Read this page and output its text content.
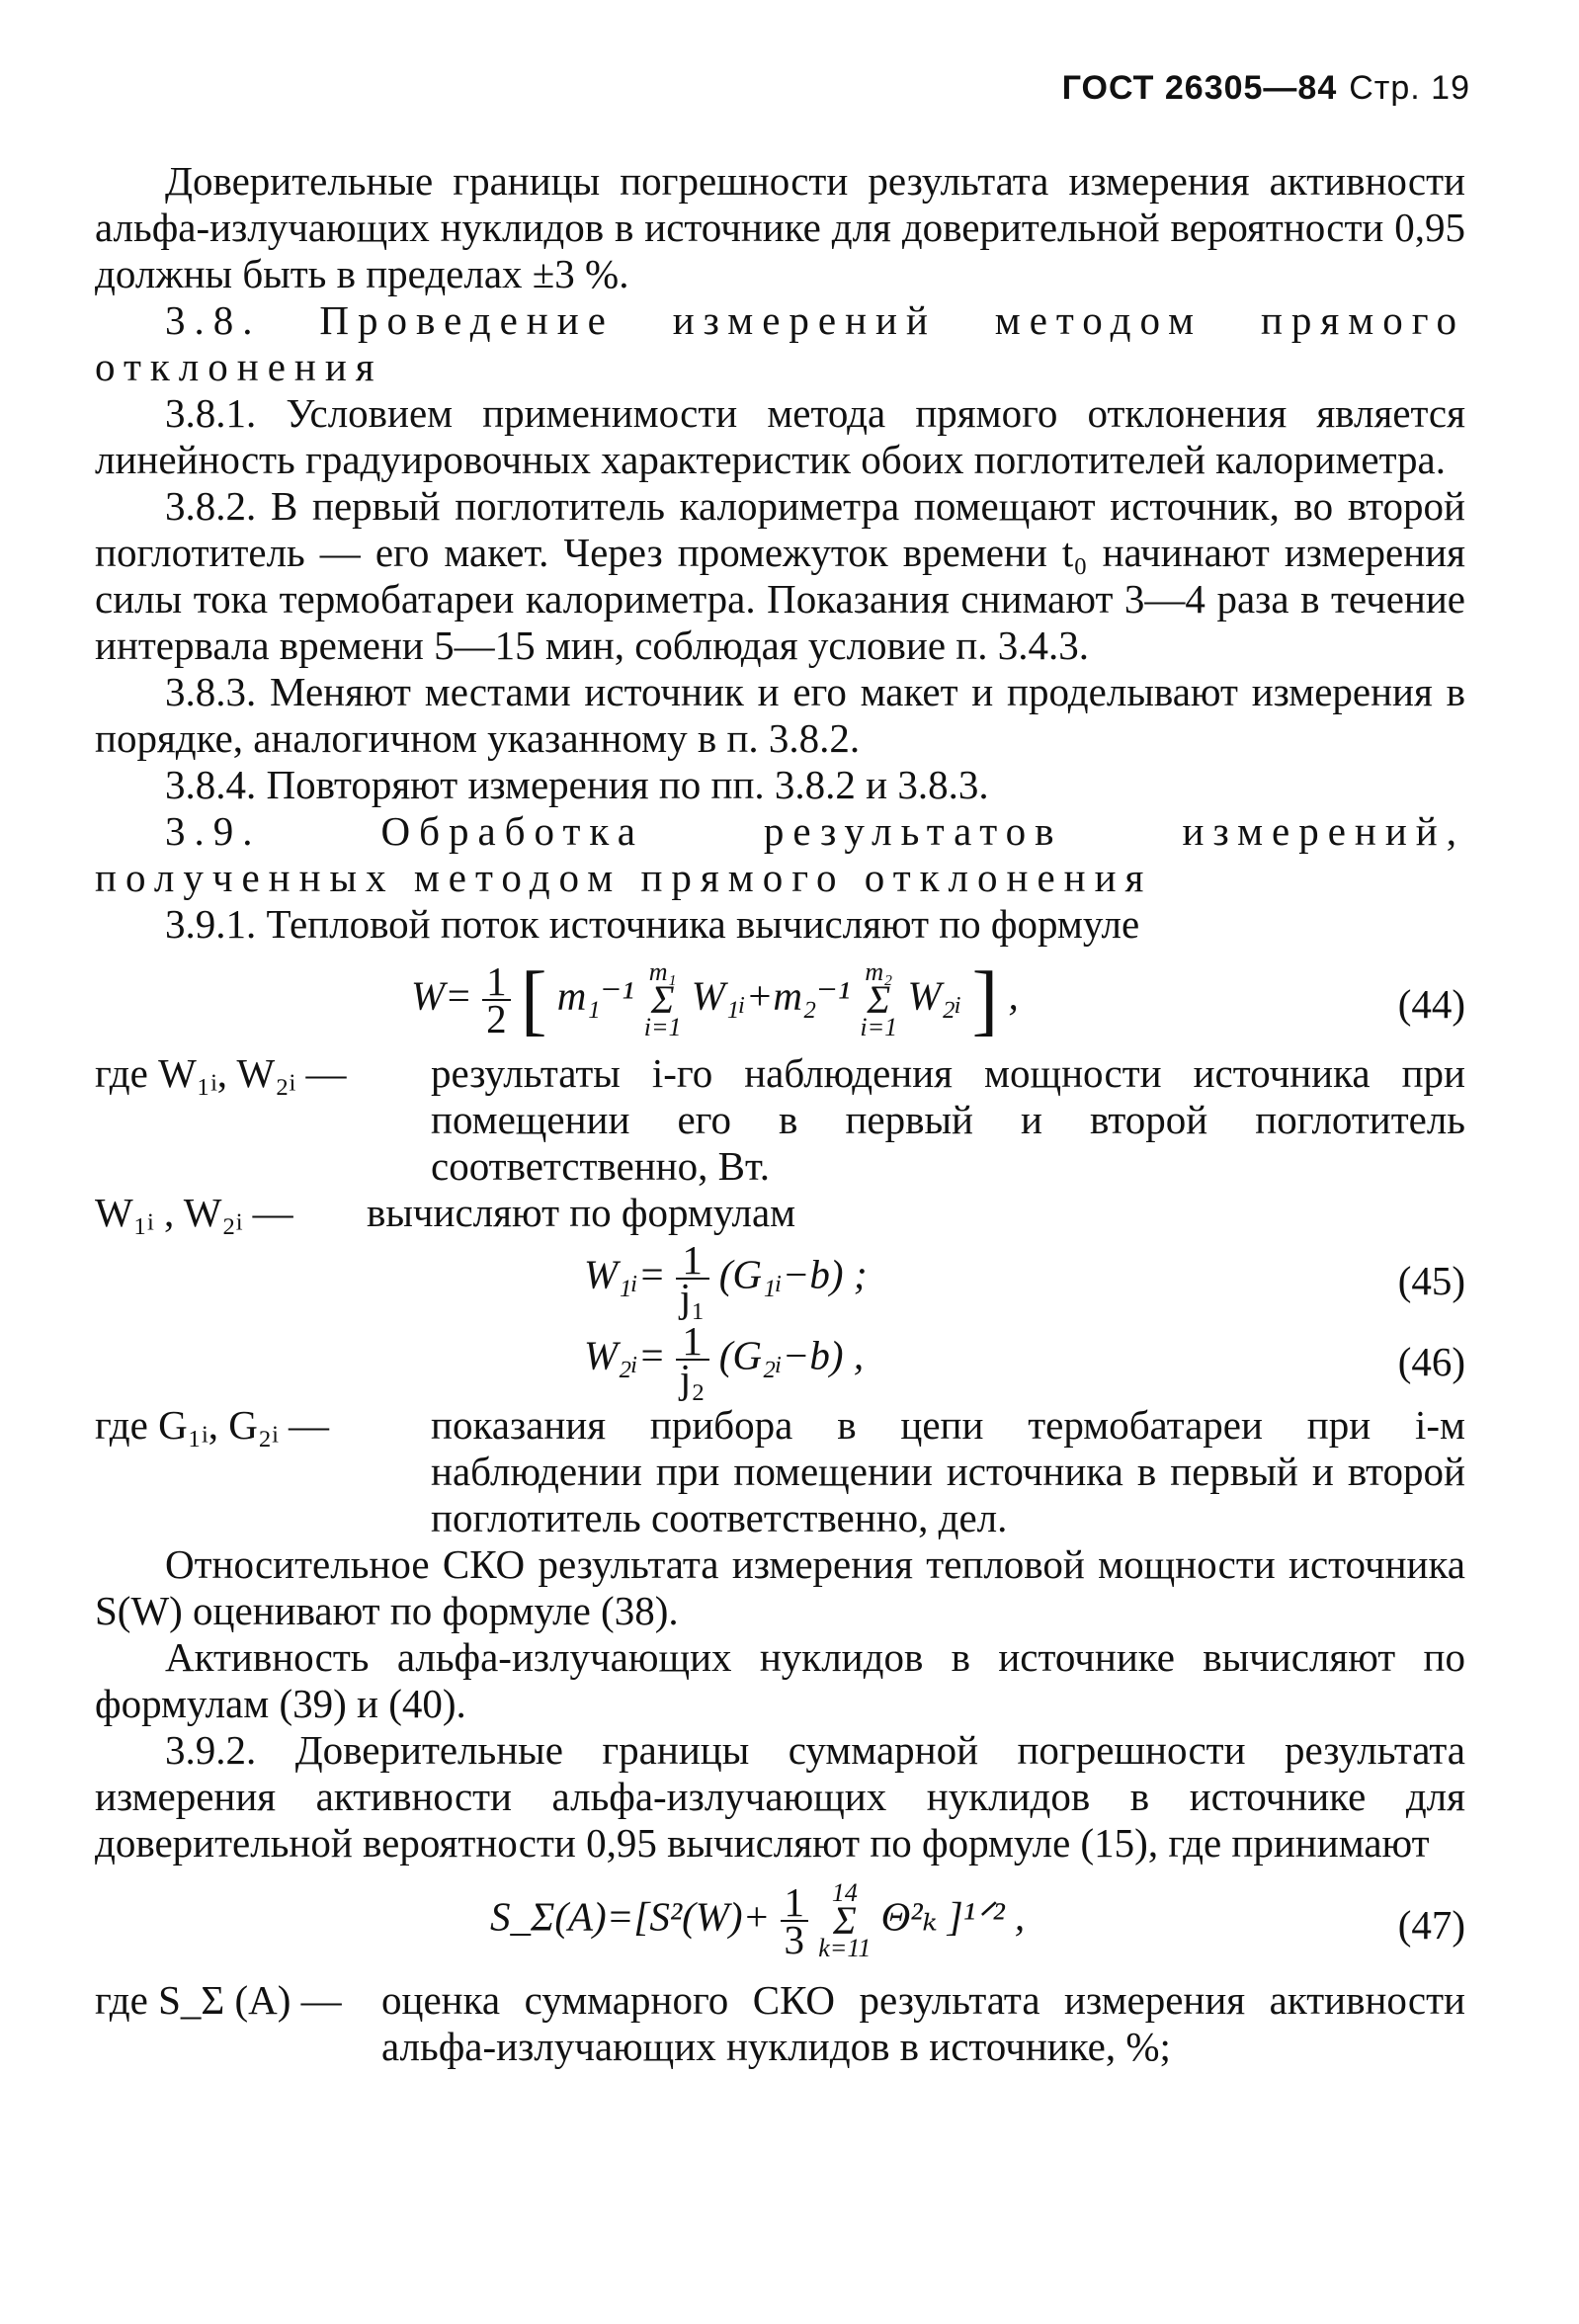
ГОСТ 26305—84 Стр. 19

Доверительные границы погрешности результата измерения активности альфа-излучающих нуклидов в источнике для доверительной вероятности 0,95 должны быть в пределах ±3 %.

3.8. Проведение измерений методом прямого отклонения

3.8.1. Условием применимости метода прямого отклонения является линейность градуировочных характеристик обоих поглотителей калориметра.

3.8.2. В первый поглотитель калориметра помещают источник, во второй поглотитель — его макет. Через промежуток времени t₀ начинают измерения силы тока термобатареи калориметра. Показания снимают 3—4 раза в течение интервала времени 5—15 мин, соблюдая условие п. 3.4.3.

3.8.3. Меняют местами источник и его макет и проделывают измерения в порядке, аналогичном указанному в п. 3.8.2.

3.8.4. Повторяют измерения по пп. 3.8.2 и 3.8.3.

3.9. Обработка результатов измерений, полученных методом прямого отклонения

3.9.1. Тепловой поток источника вычисляют по формуле

$W= \frac{1}{2}$ [ m₁⁻¹ m₁
Σ
i=1 W₁ᵢ+m₂⁻¹ m₂
Σ
i=1 W₂ᵢ ] ,	(44)
где W₁ᵢ, W₂ᵢ — результаты i-го наблюдения мощности источника при помещении его в первый и второй поглотитель соответственно, Вт.
W₁ᵢ , W₂ᵢ — вычисляют по формулам
W₁ᵢ= $\frac{1}{\text{j₁}}$ (G₁ᵢ−b) ;	(45)
W₂ᵢ= $\frac{1}{\text{j₂}}$ (G₂ᵢ−b) ,	(46)
где G₁ᵢ, G₂ᵢ —	показания прибора в цепи термобатареи при i-м наблюдении при помещении источника в первый и второй поглотитель соответственно, дел.

Относительное СКО результата измерения тепловой мощности источника S(W) оценивают по формуле (38).

Активность альфа-излучающих нуклидов в источнике вычисляют по формулам (39) и (40).

3.9.2. Доверительные границы суммарной погрешности результата измерения активности альфа-излучающих нуклидов в источнике для доверительной вероятности 0,95 вычисляют по формуле (15), где принимают

S_Σ(A)=[S²(W)+ $\frac{1}{3} 14$
Σ
k=11 Θ²ₖ ]¹ᐟ² ,	(47)
где S_Σ (A) — оценка суммарного СКО результата измерения активности альфа-излучающих нуклидов в источнике, %;
